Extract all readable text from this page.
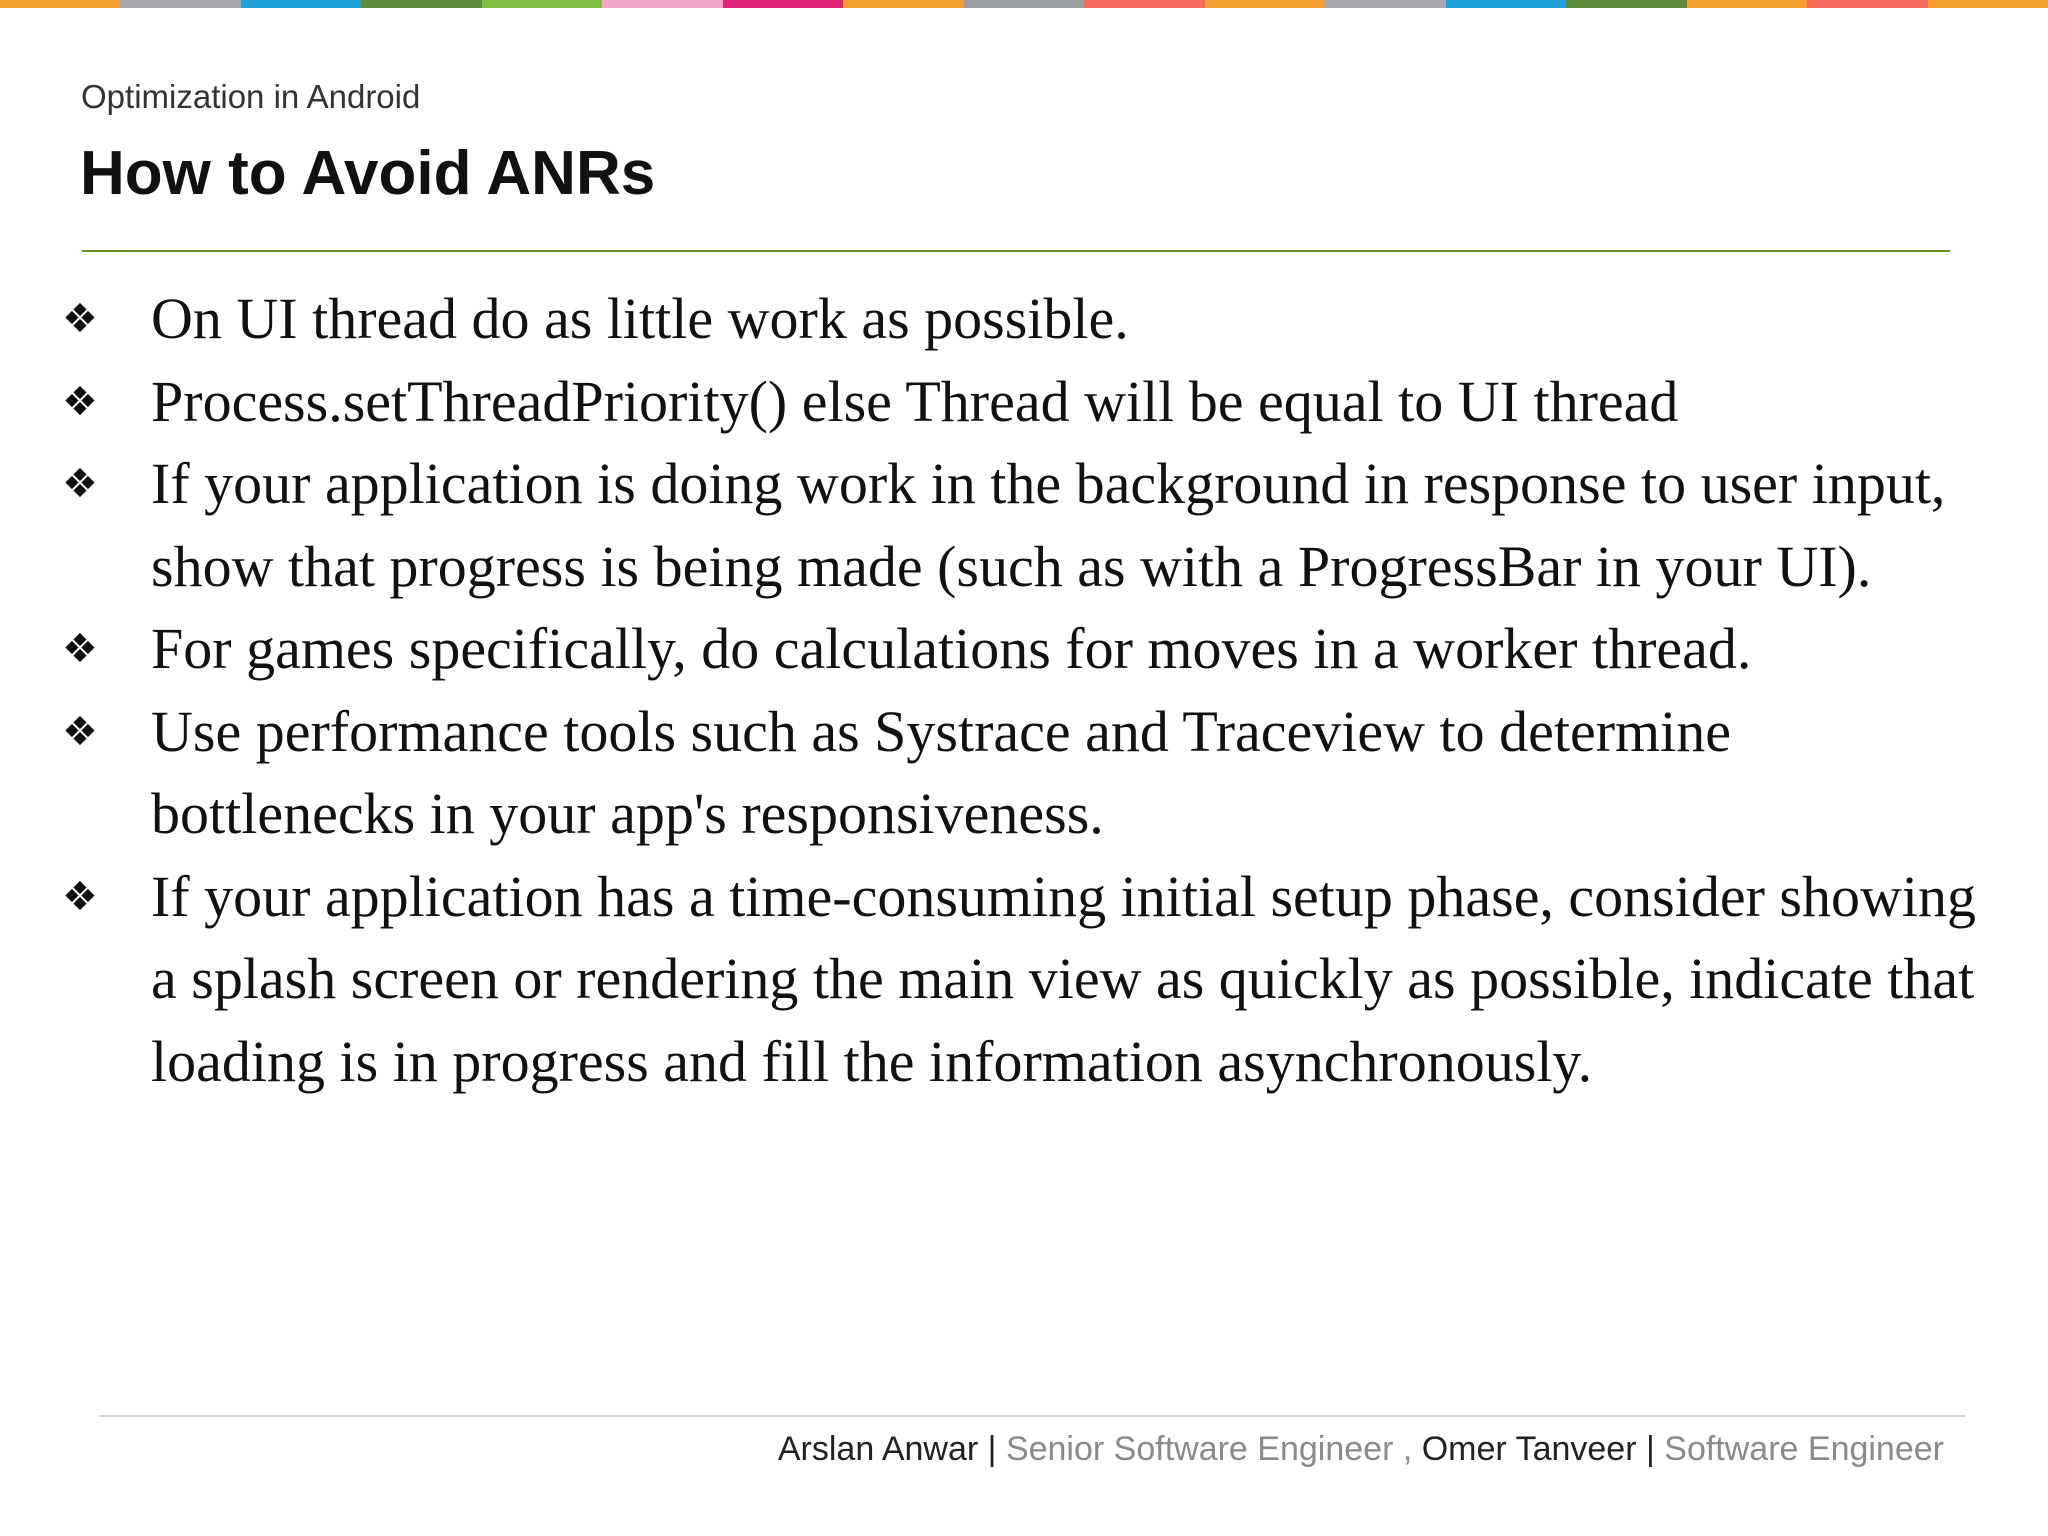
Optimization in Android
How to Avoid ANRs
❖ On UI thread do as little work as possible.
❖ Process.setThreadPriority() else Thread will be equal to UI thread
❖ If your application is doing work in the background in response to user input, show that progress is being made (such as with a ProgressBar in your UI).
❖ For games specifically, do calculations for moves in a worker thread.
❖ Use performance tools such as Systrace and Traceview to determine bottlenecks in your app's responsiveness.
❖ If your application has a time-consuming initial setup phase, consider showing a splash screen or rendering the main view as quickly as possible, indicate that loading is in progress and fill the information asynchronously.
Arslan Anwar | Senior Software Engineer , Omer Tanveer | Software Engineer
